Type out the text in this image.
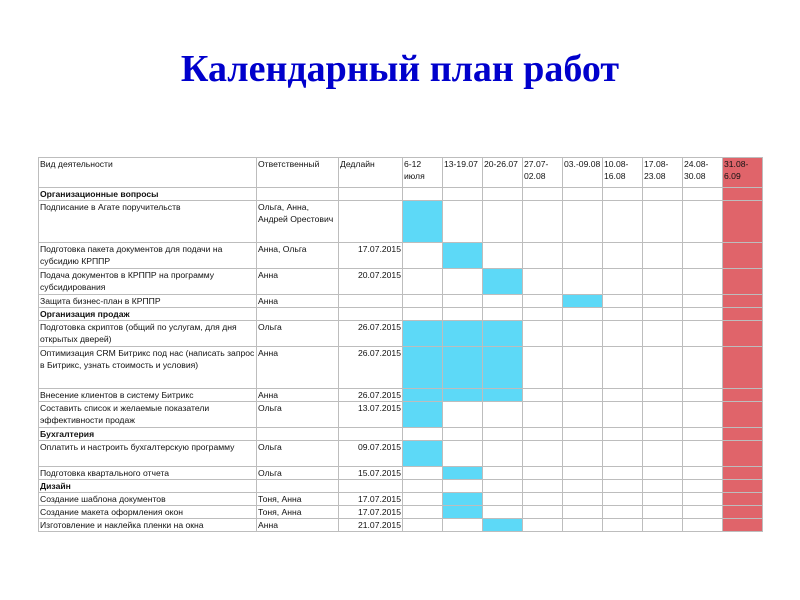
Календарный план работ
Вид деятельности	Ответственный	Дедлайн	6-12 июля	13-19.07	20-26.07	27.07-02.08	03.-09.08	10.08-16.08	17.08-23.08	24.08-30.08	31.08-6.09
Организационные вопросы											
Подписание в Агате поручительств	Ольга, Анна, Андрей Орестович										
Подготовка пакета документов для подачи на субсидию КРППР	Анна, Ольга	17.07.2015									
Подача документов в КРППР на программу субсидирования	Анна	20.07.2015									
Защита бизнес-план в КРППР	Анна										
Организация продаж											
Подготовка скриптов (общий по услугам, для дня открытых дверей)	Ольга	26.07.2015									
Оптимизация CRM Битрикс под нас (написать запрос в Битрикс, узнать стоимость и условия)	Анна	26.07.2015									
Внесение клиентов в систему Битрикс	Анна	26.07.2015									
Составить список и желаемые показатели эффективности продаж	Ольга	13.07.2015									
Бухгалтерия											
Оплатить и настроить бухгалтерскую программу	Ольга	09.07.2015									
Подготовка квартального отчета	Ольга	15.07.2015									
Дизайн											
Создание шаблона документов	Тоня, Анна	17.07.2015									
Создание макета оформления окон	Тоня, Анна	17.07.2015									
Изготовление и наклейка пленки на окна	Анна	21.07.2015									
